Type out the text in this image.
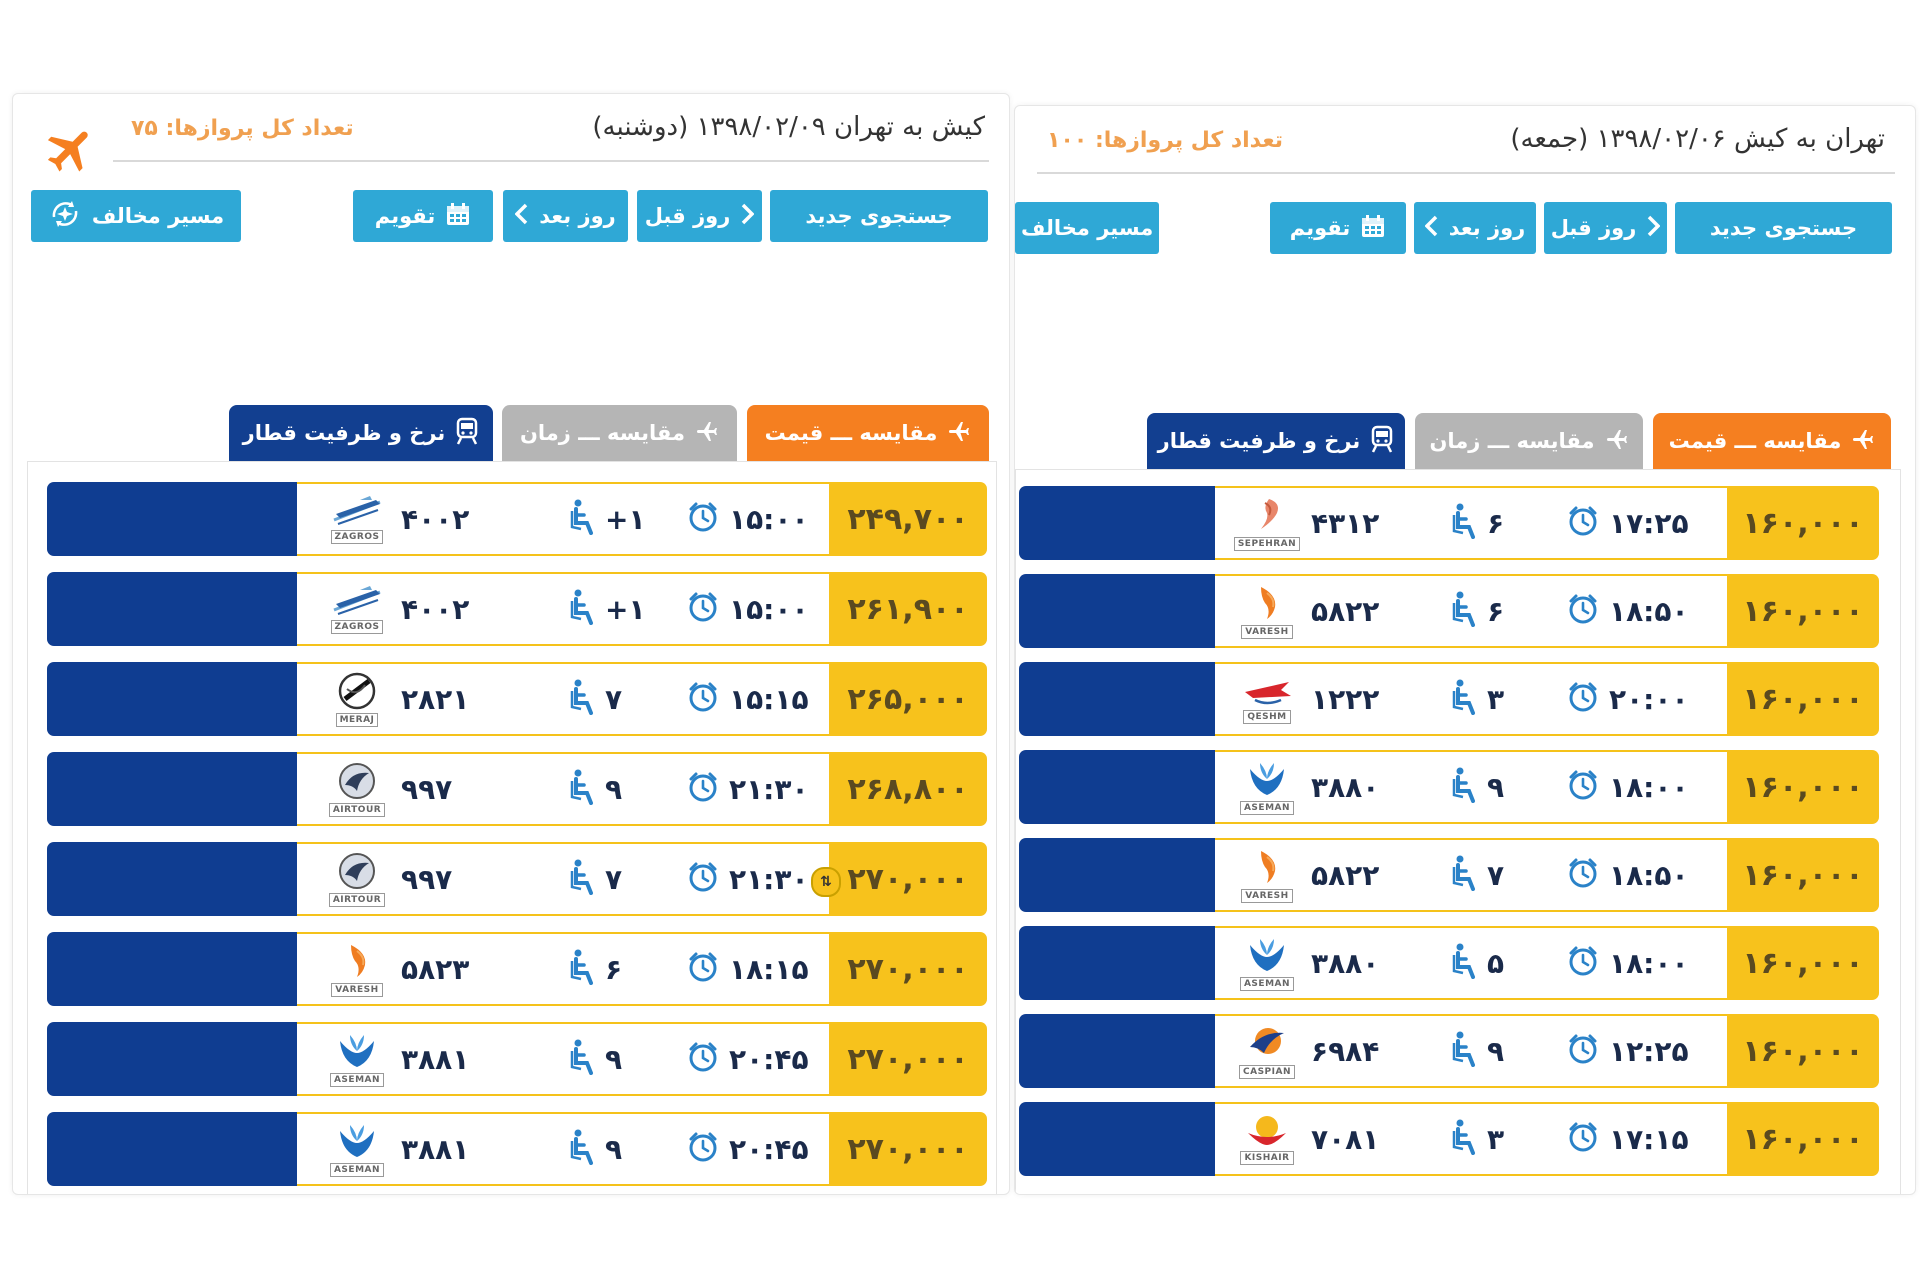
کیش به تهران ۱۳۹۸/۰۲/۰۹ (دوشنبه)
تعداد کل پروازها: ۷۵
جستجوی جدید
روز قبل
روز بعد
تقویم
مسیر مخالف
مقایسه ـــ قیمت
مقایسه ـــ زمان
نرخ و ظرفیت قطار
۲۴۹,۷۰۰
ZAGROS
۴۰۰۲	+۱	۱۵:۰۰
۲۶۱,۹۰۰
ZAGROS
۴۰۰۲	+۱	۱۵:۰۰
۲۶۵,۰۰۰
MERAJ
۲۸۲۱	۷	۱۵:۱۵
۲۶۸,۸۰۰
AIRTOUR
۹۹۷	۹	۲۱:۳۰
۲۷۰,۰۰۰
AIRTOUR
۹۹۷	۷	۲۱:۳۰
۲۷۰,۰۰۰
VARESH
۵۸۲۳	۶	۱۸:۱۵
۲۷۰,۰۰۰
ASEMAN
۳۸۸۱	۹	۲۰:۴۵
۲۷۰,۰۰۰
ASEMAN
۳۸۸۱	۹	۲۰:۴۵
⇅
تهران به کیش ۱۳۹۸/۰۲/۰۶ (جمعه)
تعداد کل پروازها: ۱۰۰
جستجوی جدید
روز قبل
روز بعد
تقویم
مسیر مخالف
مقایسه ـــ قیمت
مقایسه ـــ زمان
نرخ و ظرفیت قطار
۱۶۰,۰۰۰
SEPEHRAN
۴۳۱۲	۶	۱۷:۲۵
۱۶۰,۰۰۰
VARESH
۵۸۲۲	۶	۱۸:۵۰
۱۶۰,۰۰۰
QESHM
۱۲۲۲	۳	۲۰:۰۰
۱۶۰,۰۰۰
ASEMAN
۳۸۸۰	۹	۱۸:۰۰
۱۶۰,۰۰۰
VARESH
۵۸۲۲	۷	۱۸:۵۰
۱۶۰,۰۰۰
ASEMAN
۳۸۸۰	۵	۱۸:۰۰
۱۶۰,۰۰۰
CASPIAN
۶۹۸۴	۹	۱۲:۲۵
۱۶۰,۰۰۰
KISHAIR
۷۰۸۱	۳	۱۷:۱۵
